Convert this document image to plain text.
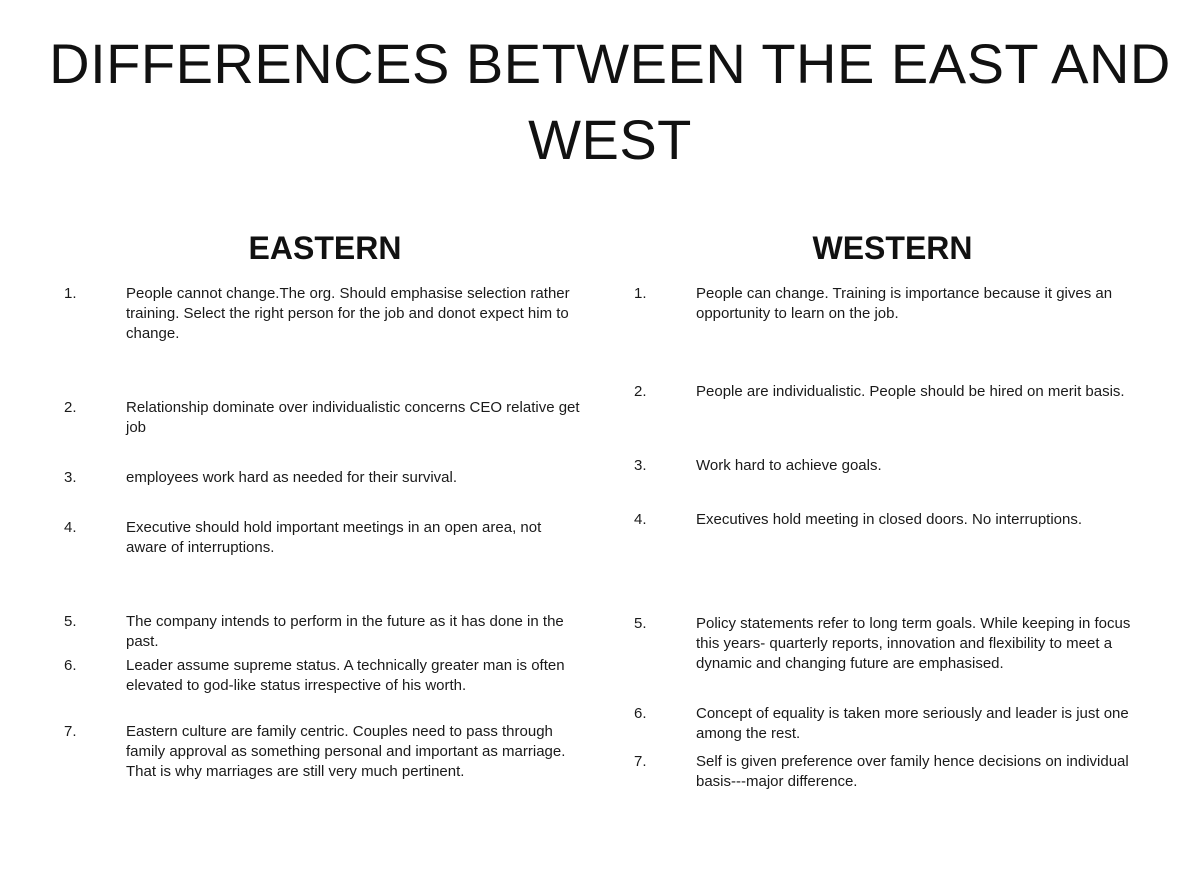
DIFFERENCES BETWEEN THE EAST AND WEST
EASTERN
1.	People cannot change.The org. Should emphasise selection rather training. Select the right person for the job and donot expect him to change.
2.	Relationship dominate over individualistic concerns CEO relative get job
3.	employees work hard as needed for their survival.
4.	Executive should hold important meetings in an open area, not aware of interruptions.
5.	The company intends to perform in the future as it has done in the past.
6.	Leader assume supreme status. A technically greater man is often elevated to god-like status irrespective of his worth.
7.	Eastern culture are family centric. Couples need to pass through family approval as something personal and important as marriage. That is why marriages are still very much pertinent.
WESTERN
1.	People can change. Training is importance because it gives an opportunity to learn on the job.
2.	People are individualistic. People should be hired on merit basis.
3.	Work hard to achieve goals.
4.	Executives hold meeting in closed doors. No interruptions.
5.	Policy statements refer to long term goals. While keeping in focus this years- quarterly reports, innovation and flexibility to meet a dynamic and changing future are emphasised.
6.	Concept of equality is taken more seriously and leader is just one among the rest.
7.	Self is given preference over family hence decisions on individual basis---major difference.
